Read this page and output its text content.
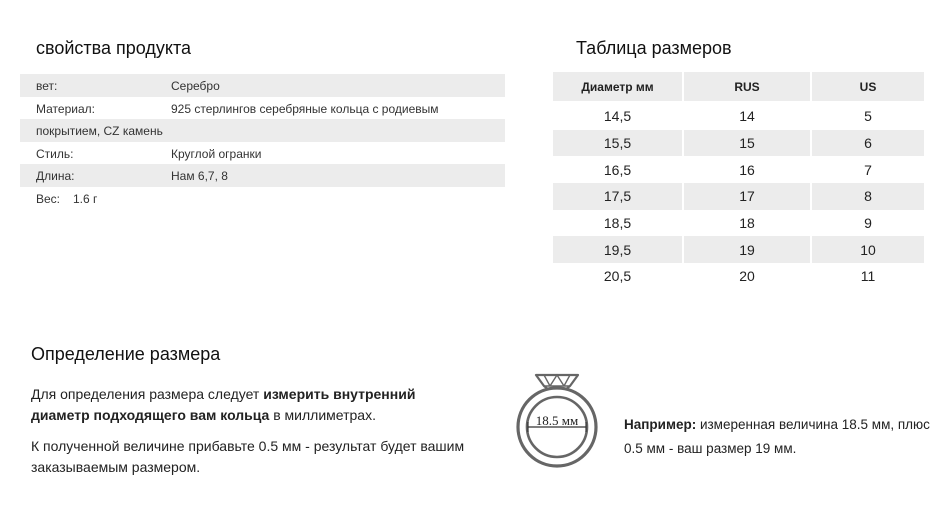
свойства продукта
вет:	Серебро
Материал:	925 стерлингов серебряные кольца с родиевым
покрытием, CZ камень
Стиль:	Круглой огранки
Длина:	Нам 6,7, 8
Вес: 1.6 г
Таблица размеров
Диаметр мм	RUS	US
14,5	14	5
15,5	15	6
16,5	16	7
17,5	17	8
18,5	18	9
19,5	19	10
20,5	20	11
Определение размера
Для определения размера следует измерить внутренний диаметр подходящего вам кольца в миллиметрах.
К полученной величине прибавьте 0.5 мм - результат будет вашим заказываемым размером.
18.5 мм	Например: измеренная величина 18.5 мм, плюс 0.5 мм - ваш размер 19 мм.
